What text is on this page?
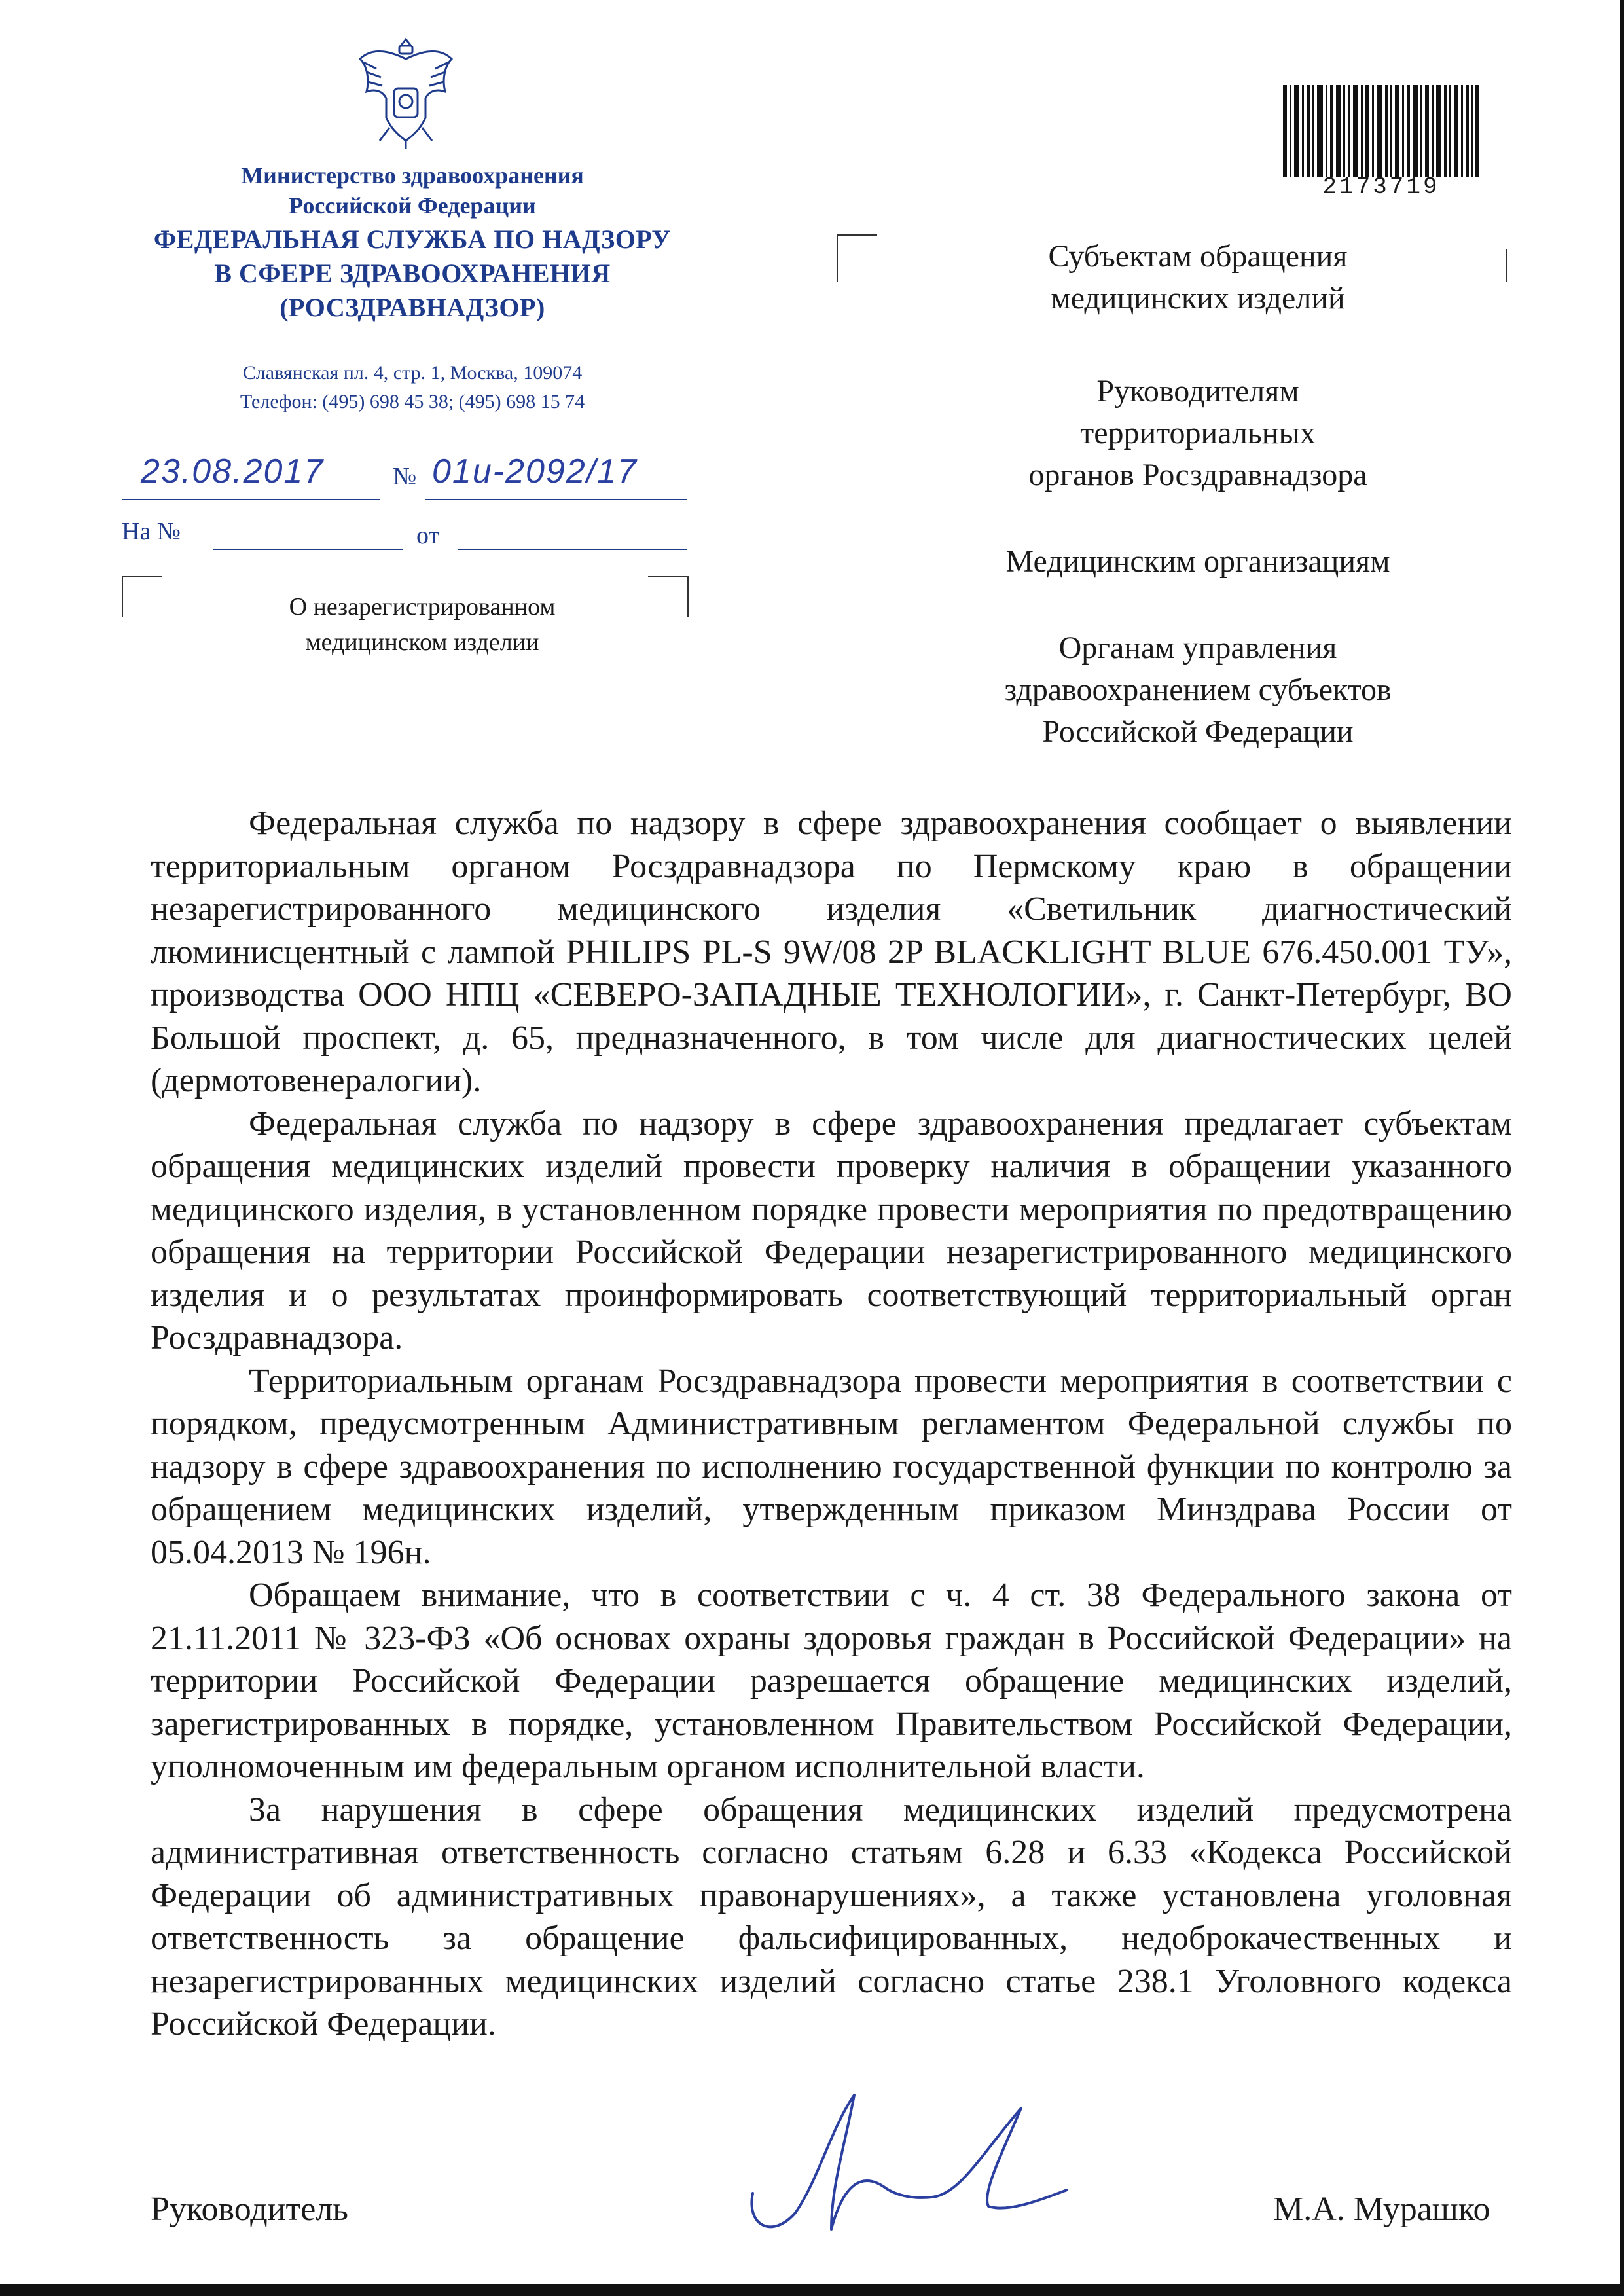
Министерство здравоохранения
Российской Федерации
ФЕДЕРАЛЬНАЯ СЛУЖБА ПО НАДЗОРУ
В СФЕРЕ ЗДРАВООХРАНЕНИЯ
(РОСЗДРАВНАДЗОР)
Славянская пл. 4, стр. 1, Москва, 109074
Телефон: (495) 698 45 38; (495) 698 15 74
23.08.2017	№ 01и-2092/17
На №	от
О незарегистрированном
медицинском изделии
2173719

Субъектам обращения
медицинских изделий

Руководителям
территориальных
органов Росздравнадзора

Медицинским организациям

Органам управления
здравоохранением субъектов
Российской Федерации

Федеральная служба по надзору в сфере здравоохранения сообщает о выявлении территориальным органом Росздравнадзора по Пермскому краю в обращении незарегистрированного медицинского изделия «Светильник диагностический люминисцентный с лампой PHILIPS PL-S 9W/08 2P BLACKLIGHT BLUE 676.450.001 ТУ», производства ООО НПЦ «СЕВЕРО-ЗАПАДНЫЕ ТЕХНОЛОГИИ», г. Санкт-Петербург, ВО Большой проспект, д. 65, предназначенного, в том числе для диагностических целей (дермотовенералогии).

Федеральная служба по надзору в сфере здравоохранения предлагает субъектам обращения медицинских изделий провести проверку наличия в обращении указанного медицинского изделия, в установленном порядке провести мероприятия по предотвращению обращения на территории Российской Федерации незарегистрированного медицинского изделия и о результатах проинформировать соответствующий территориальный орган Росздравнадзора.

Территориальным органам Росздравнадзора провести мероприятия в соответствии с порядком, предусмотренным Административным регламентом Федеральной службы по надзору в сфере здравоохранения по исполнению государственной функции по контролю за обращением медицинских изделий, утвержденным приказом Минздрава России от 05.04.2013 № 196н.

Обращаем внимание, что в соответствии с ч. 4 ст. 38 Федерального закона от 21.11.2011 № 323-ФЗ «Об основах охраны здоровья граждан в Российской Федерации» на территории Российской Федерации разрешается обращение медицинских изделий, зарегистрированных в порядке, установленном Правительством Российской Федерации, уполномоченным им федеральным органом исполнительной власти.

За нарушения в сфере обращения медицинских изделий предусмотрена административная ответственность согласно статьям 6.28 и 6.33 «Кодекса Российской Федерации об административных правонарушениях», а также установлена уголовная ответственность за обращение фальсифицированных, недоброкачественных и незарегистрированных медицинских изделий согласно статье 238.1 Уголовного кодекса Российской Федерации.

Руководитель	М.А. Мурашко
